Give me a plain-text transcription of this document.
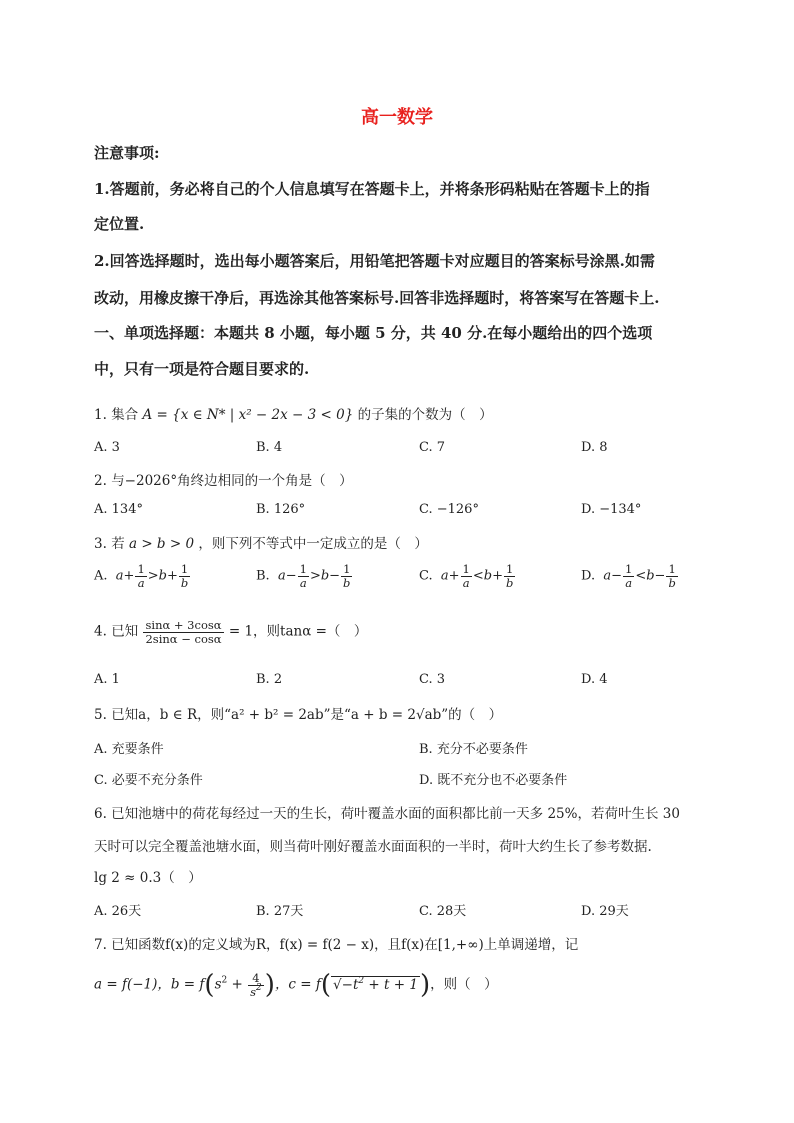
高一数学
注意事项:
1.答题前，务必将自己的个人信息填写在答题卡上，并将条形码粘贴在答题卡上的指
定位置.
2.回答选择题时，选出每小题答案后，用铅笔把答题卡对应题目的答案标号涂黑.如需
改动，用橡皮擦干净后，再选涂其他答案标号.回答非选择题时，将答案写在答题卡上.
一、单项选择题：本题共 8 小题，每小题 5 分，共 40 分.在每小题给出的四个选项
中，只有一项是符合题目要求的.
1. 集合 A = {x ∈ N* | x² − 2x − 3 < 0} 的子集的个数为（　）
A. 3	B. 4	C. 7	D. 8
2. 与−2026°角终边相同的一个角是（　）
A. 134°	B. 126°	C. −126°	D. −134°
3. 若 a > b > 0 ，则下列不等式中一定成立的是（　）
A.  $a+ \frac{1}{a} >b+ \frac{1}{b}$	B.  $a- \frac{1}{a} >b- \frac{1}{b}$	C.  $a+ \frac{1}{a} <b+ \frac{1}{b}$	D.  $a- \frac{1}{a} <b- \frac{1}{b}$
4. 已知 $\frac{\sin\alpha + 3\cos\alpha}{2\sin\alpha - \cos\alpha} = 1$，则tanα =（　）
A. 1	B. 2	C. 3	D. 4
5. 已知a，b ∈ R，则“a² + b² = 2ab”是“a + b = 2√ab”的（　）
A. 充要条件	B. 充分不必要条件
C. 必要不充分条件	D. 既不充分也不必要条件
6. 已知池塘中的荷花每经过一天的生长，荷叶覆盖水面的面积都比前一天多 25%，若荷叶生长 30
天时可以完全覆盖池塘水面，则当荷叶刚好覆盖水面面积的一半时，荷叶大约生长了参考数据.
lg 2 ≈ 0.3（　）
A. 26天	B. 27天	C. 28天	D. 29天
7. 已知函数f(x)的定义域为R，f(x) = f(2 − x)，且f(x)在[1,+∞)上单调递增，记
a = f(−1)，$b = f(s^2 + \frac{4}{s^2}$ )，c = f( $√-t^2 + t + 1$)，则（　）
